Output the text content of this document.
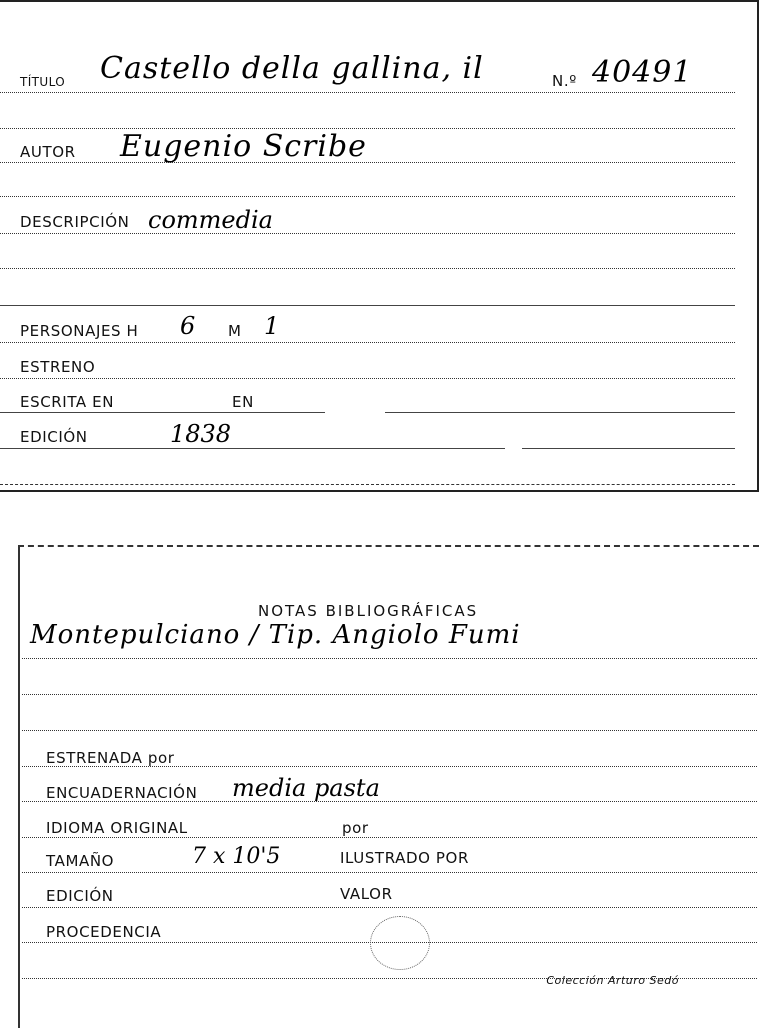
TÍTULO Castello della gallina, il	N.º 40491
AUTOR Eugenio Scribe
DESCRIPCIÓN commedia
PERSONAJES H 6 M 1
ESTRENO
ESCRITA EN	EN
EDICIÓN	1838
NOTAS BIBLIOGRÁFICAS
Montepulciano / Tip. Angiolo Fumi
ESTRENADA por
ENCUADERNACIÓN media pasta
IDIOMA ORIGINAL	por
TAMAÑO	7 x 10'5	ILUSTRADO POR
EDICIÓN	VALOR
PROCEDENCIA
Colección Arturo Sedó
